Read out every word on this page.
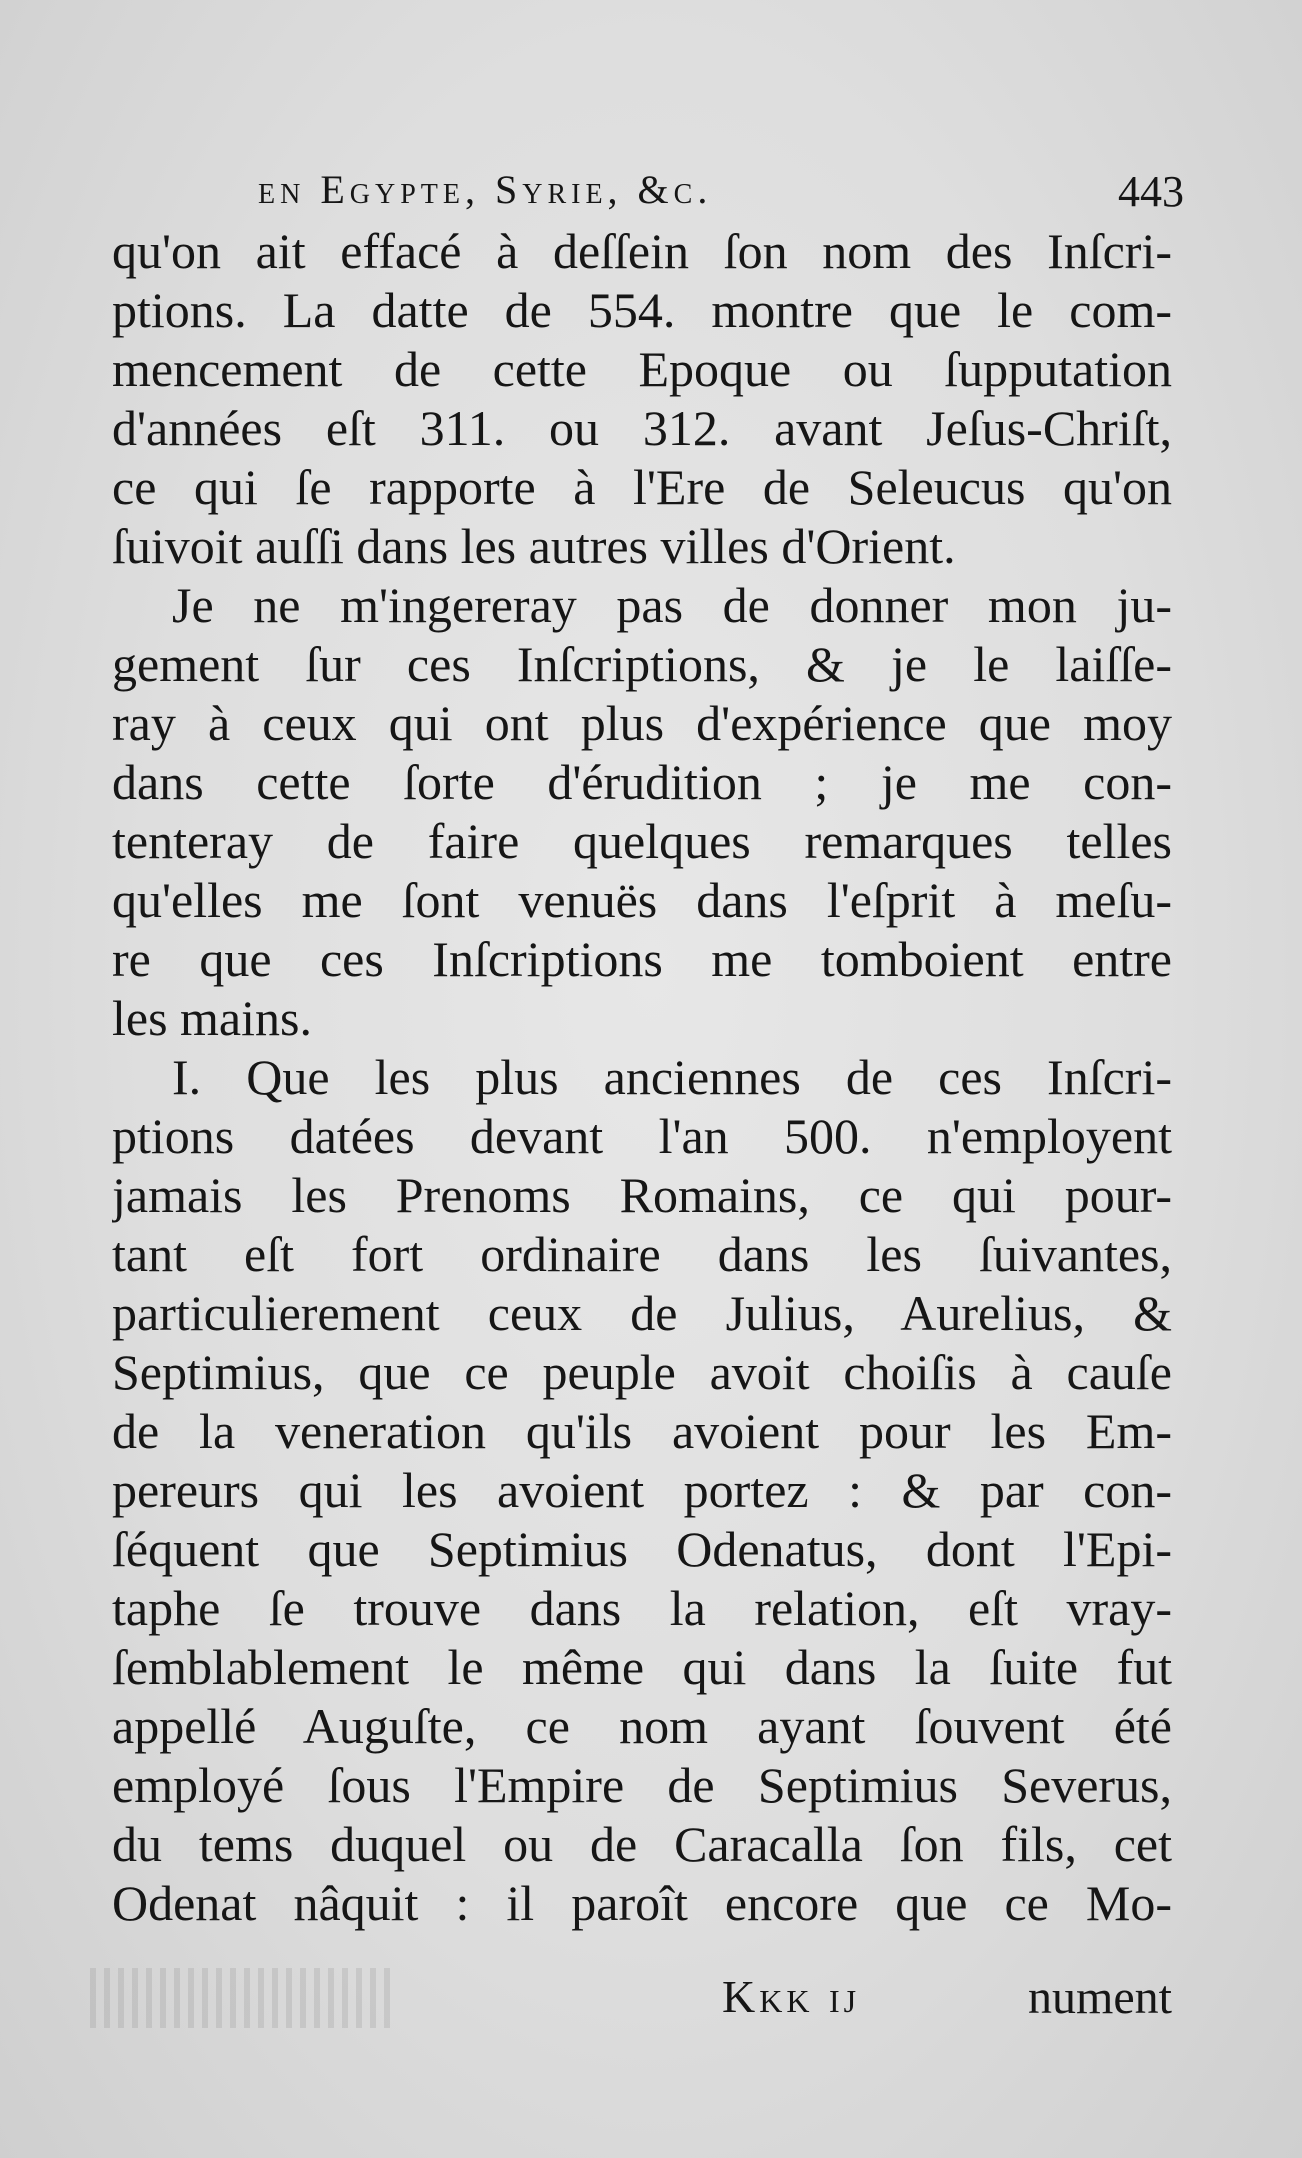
en Egypte, Syrie, &c.	443
qu'on ait effacé à deſſein ſon nom des Inſcri-
ptions. La datte de 554. montre que le com-
mencement de cette Epoque ou ſupputation
d'années eſt 311. ou 312. avant Jeſus-Chriſt,
ce qui ſe rapporte à l'Ere de Seleucus qu'on
ſuivoit auſſi dans les autres villes d'Orient.
Je ne m'ingereray pas de donner mon ju-
gement ſur ces Inſcriptions, & je le laiſſe-
ray à ceux qui ont plus d'expérience que moy
dans cette ſorte d'érudition ; je me con-
tenteray de faire quelques remarques telles
qu'elles me ſont venuës dans l'eſprit à meſu-
re que ces Inſcriptions me tomboient entre
les mains.
I. Que les plus anciennes de ces Inſcri-
ptions datées devant l'an 500. n'employent
jamais les Prenoms Romains, ce qui pour-
tant eſt fort ordinaire dans les ſuivantes,
particulierement ceux de Julius, Aurelius, &
Septimius, que ce peuple avoit choiſis à cauſe
de la veneration qu'ils avoient pour les Em-
pereurs qui les avoient portez : & par con-
ſéquent que Septimius Odenatus, dont l'Epi-
taphe ſe trouve dans la relation, eſt vray-
ſemblablement le même qui dans la ſuite fut
appellé Auguſte, ce nom ayant ſouvent été
employé ſous l'Empire de Septimius Severus,
du tems duquel ou de Caracalla ſon fils, cet
Odenat nâquit : il paroît encore que ce Mo-
Kkk ij	nument
